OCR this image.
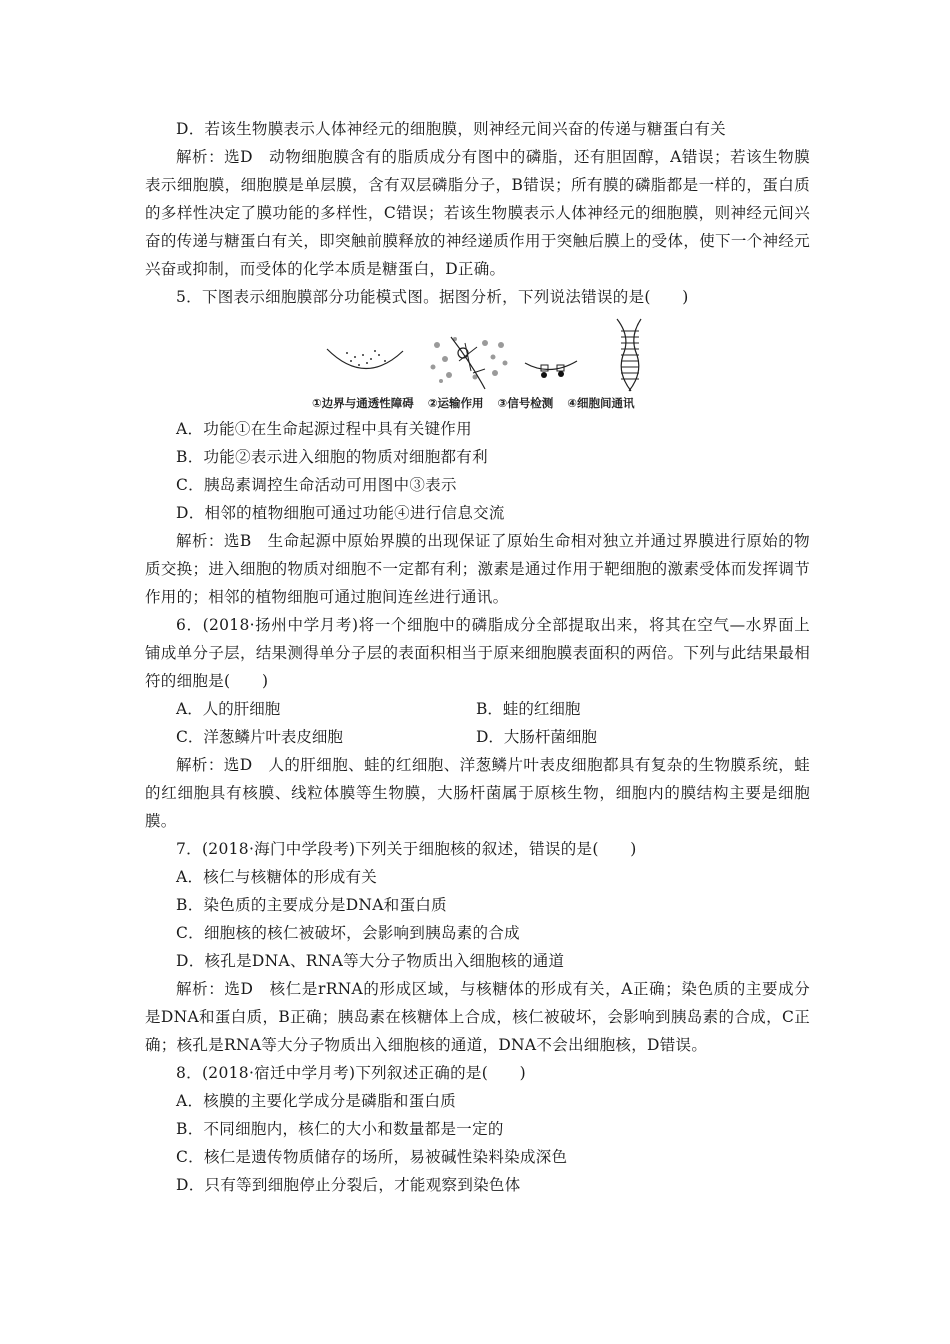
D．若该生物膜表示人体神经元的细胞膜，则神经元间兴奋的传递与糖蛋白有关
解析：选D　动物细胞膜含有的脂质成分有图中的磷脂，还有胆固醇，A错误；若该生物膜表示细胞膜，细胞膜是单层膜，含有双层磷脂分子，B错误；所有膜的磷脂都是一样的，蛋白质的多样性决定了膜功能的多样性，C错误；若该生物膜表示人体神经元的细胞膜，则神经元间兴奋的传递与糖蛋白有关，即突触前膜释放的神经递质作用于突触后膜上的受体，使下一个神经元兴奋或抑制，而受体的化学本质是糖蛋白，D正确。
5．下图表示细胞膜部分功能模式图。据图分析，下列说法错误的是(　　)
①边界与通透性障碍 ②运输作用 ③信号检测 ④细胞间通讯
A．功能①在生命起源过程中具有关键作用
B．功能②表示进入细胞的物质对细胞都有利
C．胰岛素调控生命活动可用图中③表示
D．相邻的植物细胞可通过功能④进行信息交流
解析：选B　生命起源中原始界膜的出现保证了原始生命相对独立并通过界膜进行原始的物质交换；进入细胞的物质对细胞不一定都有利；激素是通过作用于靶细胞的激素受体而发挥调节作用的；相邻的植物细胞可通过胞间连丝进行通讯。
6．(2018·扬州中学月考)将一个细胞中的磷脂成分全部提取出来，将其在空气—水界面上铺成单分子层，结果测得单分子层的表面积相当于原来细胞膜表面积的两倍。下列与此结果最相符的细胞是(　　)
A．人的肝细胞	B．蛙的红细胞
C．洋葱鳞片叶表皮细胞	D．大肠杆菌细胞
解析：选D　人的肝细胞、蛙的红细胞、洋葱鳞片叶表皮细胞都具有复杂的生物膜系统，蛙的红细胞具有核膜、线粒体膜等生物膜，大肠杆菌属于原核生物，细胞内的膜结构主要是细胞膜。
7．(2018·海门中学段考)下列关于细胞核的叙述，错误的是(　　)
A．核仁与核糖体的形成有关
B．染色质的主要成分是DNA和蛋白质
C．细胞核的核仁被破坏，会影响到胰岛素的合成
D．核孔是DNA、RNA等大分子物质出入细胞核的通道
解析：选D　核仁是rRNA的形成区域，与核糖体的形成有关，A正确；染色质的主要成分是DNA和蛋白质，B正确；胰岛素在核糖体上合成，核仁被破坏，会影响到胰岛素的合成，C正确；核孔是RNA等大分子物质出入细胞核的通道，DNA不会出细胞核，D错误。
8．(2018·宿迁中学月考)下列叙述正确的是(　　)
A．核膜的主要化学成分是磷脂和蛋白质
B．不同细胞内，核仁的大小和数量都是一定的
C．核仁是遗传物质储存的场所，易被碱性染料染成深色
D．只有等到细胞停止分裂后，才能观察到染色体
